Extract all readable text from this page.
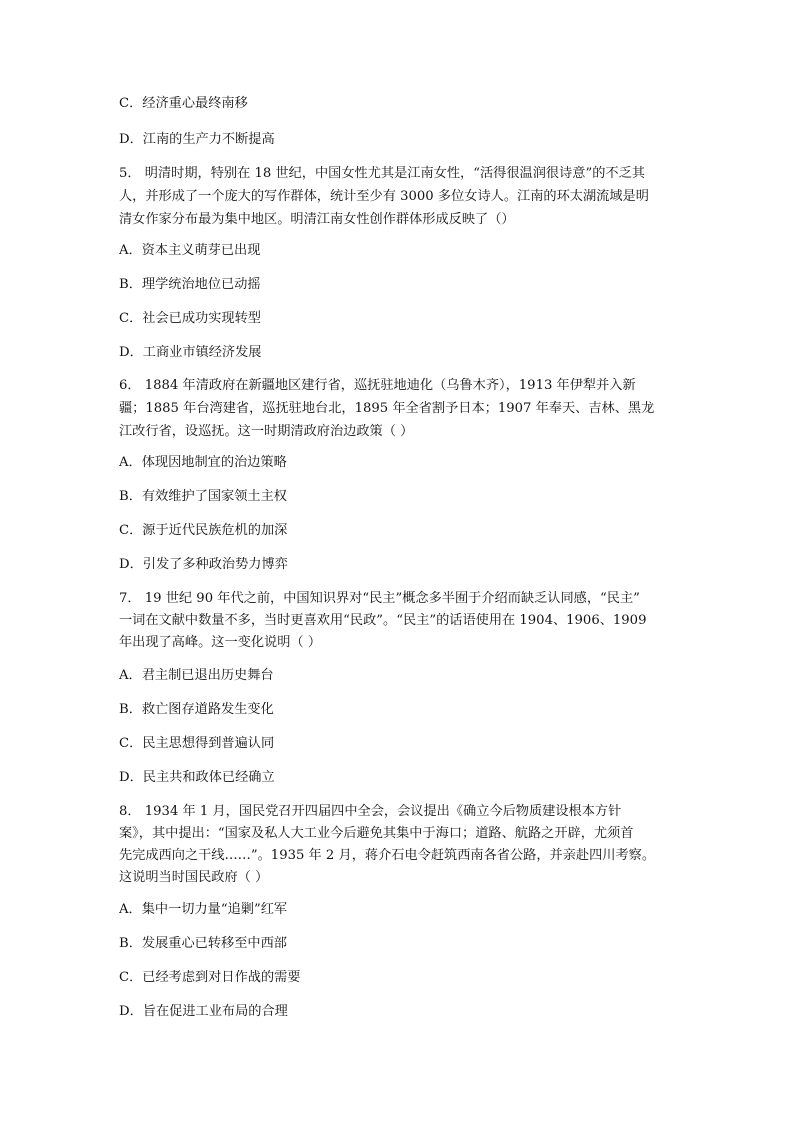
C．经济重心最终南移
D．江南的生产力不断提高
5． 明清时期，特别在 18 世纪，中国女性尤其是江南女性，“活得很温润很诗意”的不乏其
人，并形成了一个庞大的写作群体，统计至少有 3000 多位女诗人。江南的环太湖流域是明
清女作家分布最为集中地区。明清江南女性创作群体形成反映了（）
A．资本主义萌芽已出现
B．理学统治地位已动摇
C．社会已成功实现转型
D．工商业市镇经济发展
6． 1884 年清政府在新疆地区建行省，巡抚驻地迪化（乌鲁木齐），1913 年伊犁并入新
疆；1885 年台湾建省，巡抚驻地台北，1895 年全省割予日本；1907 年奉天、吉林、黑龙
江改行省，设巡抚。这一时期清政府治边政策（ ）
A．体现因地制宜的治边策略
B．有效维护了国家领土主权
C．源于近代民族危机的加深
D．引发了多种政治势力博弈
7． 19 世纪 90 年代之前，中国知识界对“民主”概念多半囿于介绍而缺乏认同感，“民主”
一词在文献中数量不多，当时更喜欢用“民政”。“民主”的话语使用在 1904、1906、1909
年出现了高峰。这一变化说明（ ）
A．君主制已退出历史舞台
B．救亡图存道路发生变化
C．民主思想得到普遍认同
D．民主共和政体已经确立
8． 1934 年 1 月，国民党召开四届四中全会，会议提出《确立今后物质建设根本方针
案》，其中提出：“国家及私人大工业今后避免其集中于海口；道路、航路之开辟，尤须首
先完成西向之干线……”。1935 年 2 月，蒋介石电令赶筑西南各省公路，并亲赴四川考察。
这说明当时国民政府（ ）
A．集中一切力量“追剿”红军
B．发展重心已转移至中西部
C．已经考虑到对日作战的需要
D．旨在促进工业布局的合理
